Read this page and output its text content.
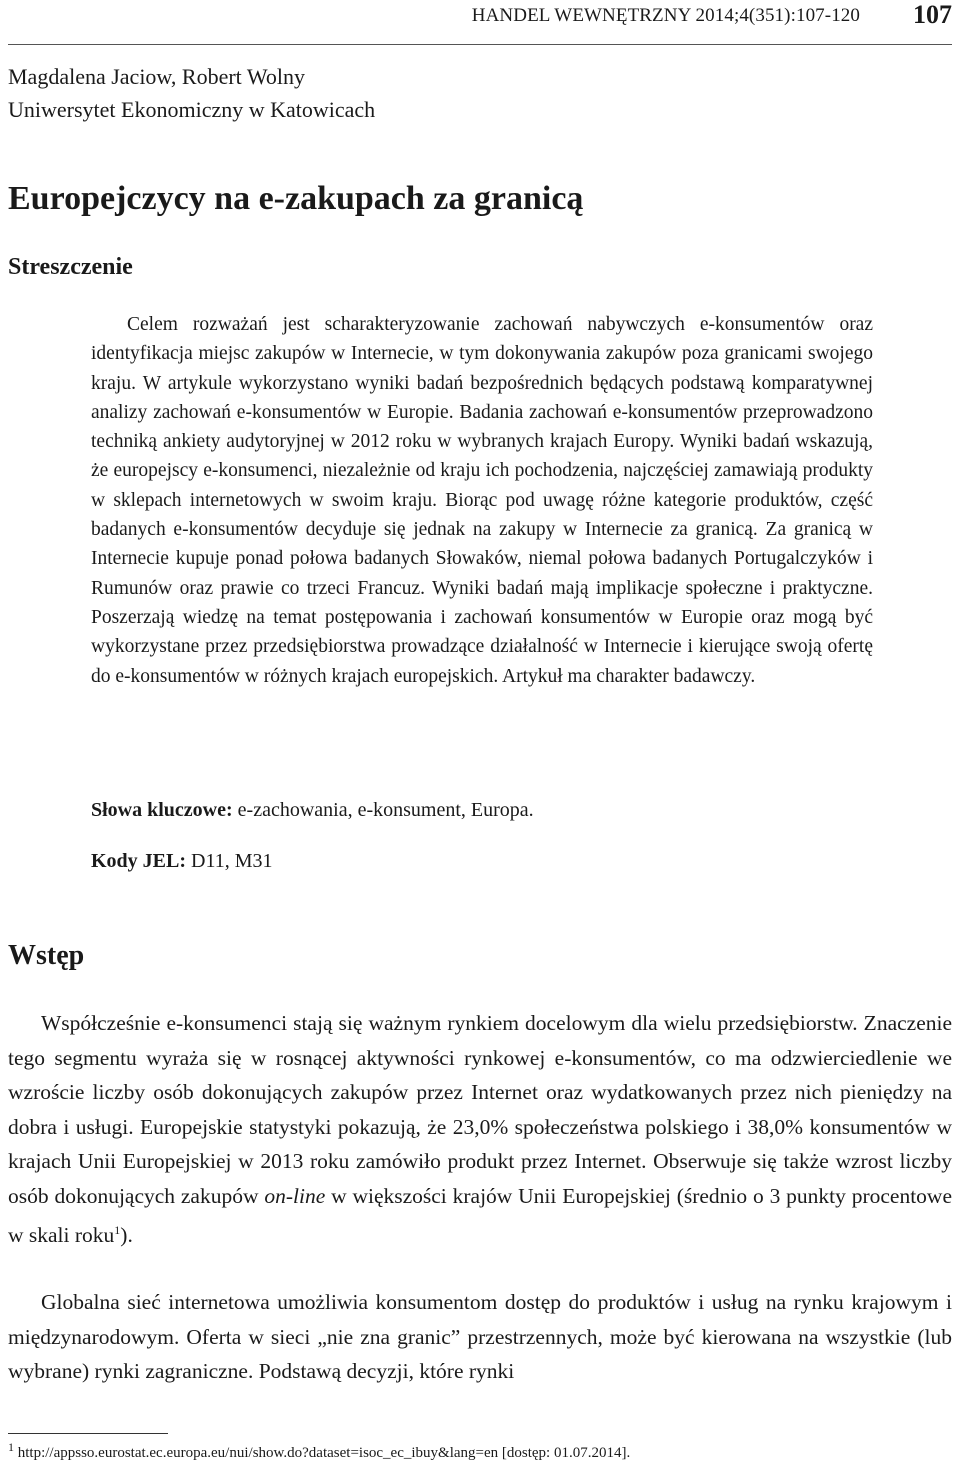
HANDEL WEWNĘTRZNY 2014;4(351):107-120 107
Magdalena Jaciow, Robert Wolny
Uniwersytet Ekonomiczny w Katowicach
Europejczycy na e-zakupach za granicą
Streszczenie

Celem rozważań jest scharakteryzowanie zachowań nabywczych e-konsumentów oraz identyfikacja miejsc zakupów w Internecie, w tym dokonywania zakupów poza granicami swojego kraju. W artykule wykorzystano wyniki badań bezpośrednich będących podstawą komparatywnej analizy zachowań e-konsumentów w Europie. Badania zachowań e-konsumentów przeprowadzono techniką ankiety audytoryjnej w 2012 roku w wybranych krajach Europy. Wyniki badań wskazują, że europejscy e-konsumenci, niezależnie od kraju ich pochodzenia, najczęściej zamawiają produkty w sklepach internetowych w swoim kraju. Biorąc pod uwagę różne kategorie produktów, część badanych e-konsumentów decyduje się jednak na zakupy w Internecie za granicą. Za granicą w Internecie kupuje ponad połowa badanych Słowaków, niemal połowa badanych Portugalczyków i Rumunów oraz prawie co trzeci Francuz. Wyniki badań mają implikacje społeczne i praktyczne. Poszerzają wiedzę na temat postępowania i zachowań konsumentów w Europie oraz mogą być wykorzystane przez przedsiębiorstwa prowadzące działalność w Internecie i kierujące swoją ofertę do e-konsumentów w różnych krajach europejskich. Artykuł ma charakter badawczy.

Słowa kluczowe: e-zachowania, e-konsument, Europa.

Kody JEL: D11, M31

Wstęp

Współcześnie e-konsumenci stają się ważnym rynkiem docelowym dla wielu przedsiębiorstw. Znaczenie tego segmentu wyraża się w rosnącej aktywności rynkowej e-konsumentów, co ma odzwierciedlenie we wzroście liczby osób dokonujących zakupów przez Internet oraz wydatkowanych przez nich pieniędzy na dobra i usługi. Europejskie statystyki pokazują, że 23,0% społeczeństwa polskiego i 38,0% konsumentów w krajach Unii Europejskiej w 2013 roku zamówiło produkt przez Internet. Obserwuje się także wzrost liczby osób dokonujących zakupów on-line w większości krajów Unii Europejskiej (średnio o 3 punkty procentowe w skali roku$^1$).

Globalna sieć internetowa umożliwia konsumentom dostęp do produktów i usług na rynku krajowym i międzynarodowym. Oferta w sieci „nie zna granic” przestrzennych, może być kierowana na wszystkie (lub wybrane) rynki zagraniczne. Podstawą decyzji, które rynki

$^1$ http://appsso.eurostat.ec.europa.eu/nui/show.do?dataset=isoc_ec_ibuy&lang=en [dostęp: 01.07.2014].
